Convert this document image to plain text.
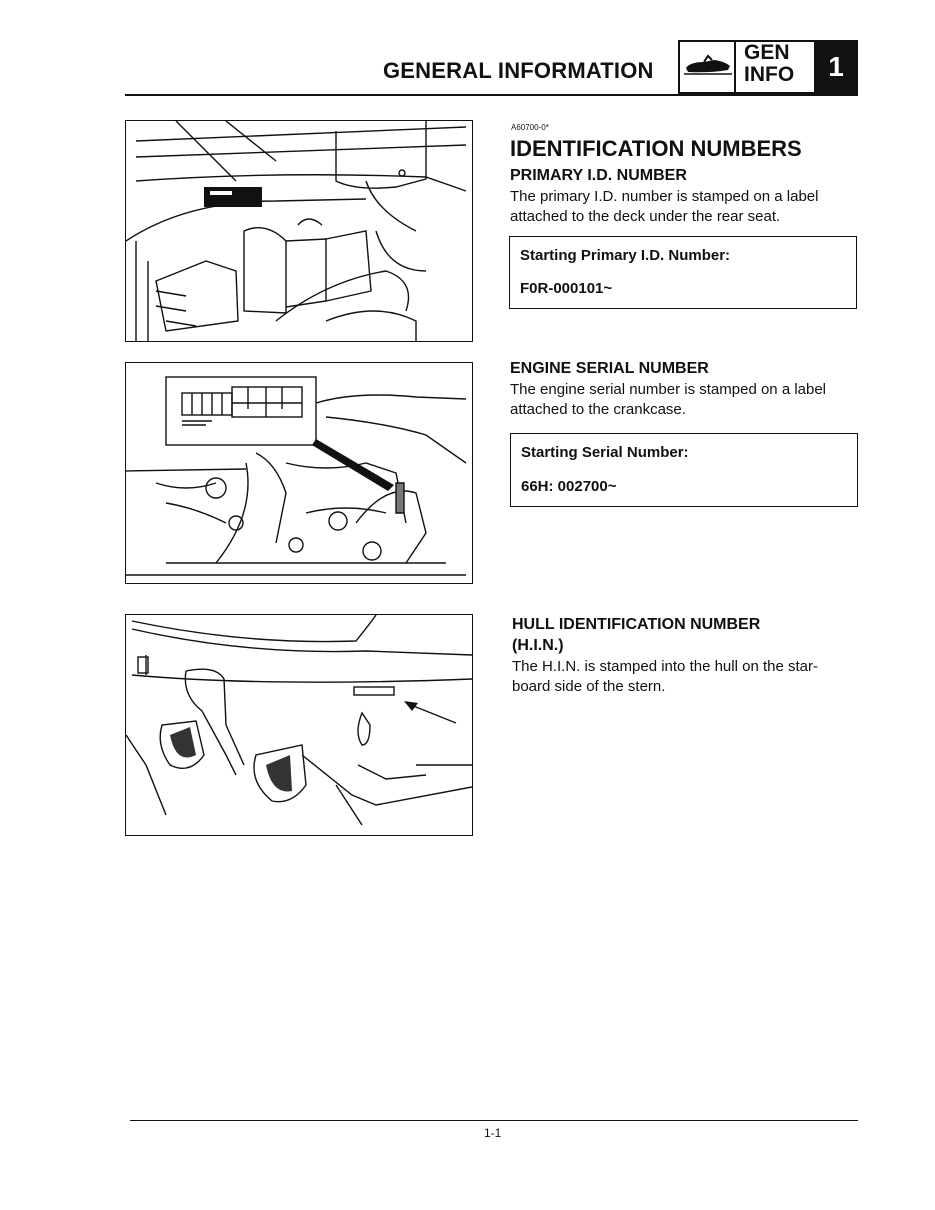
GENERAL INFORMATION
GEN
INFO	1
A60700-0*
IDENTIFICATION NUMBERS
PRIMARY I.D. NUMBER
The primary I.D. number is stamped on a label
attached to the deck under the rear seat.
Starting Primary I.D. Number:
F0R-000101~
ENGINE SERIAL NUMBER
The engine serial number is stamped on a label
attached to the crankcase.
Starting Serial Number:
66H: 002700~
HULL IDENTIFICATION NUMBER
(H.I.N.)
The H.I.N. is stamped into the hull on the star-
board side of the stern.
1-1
